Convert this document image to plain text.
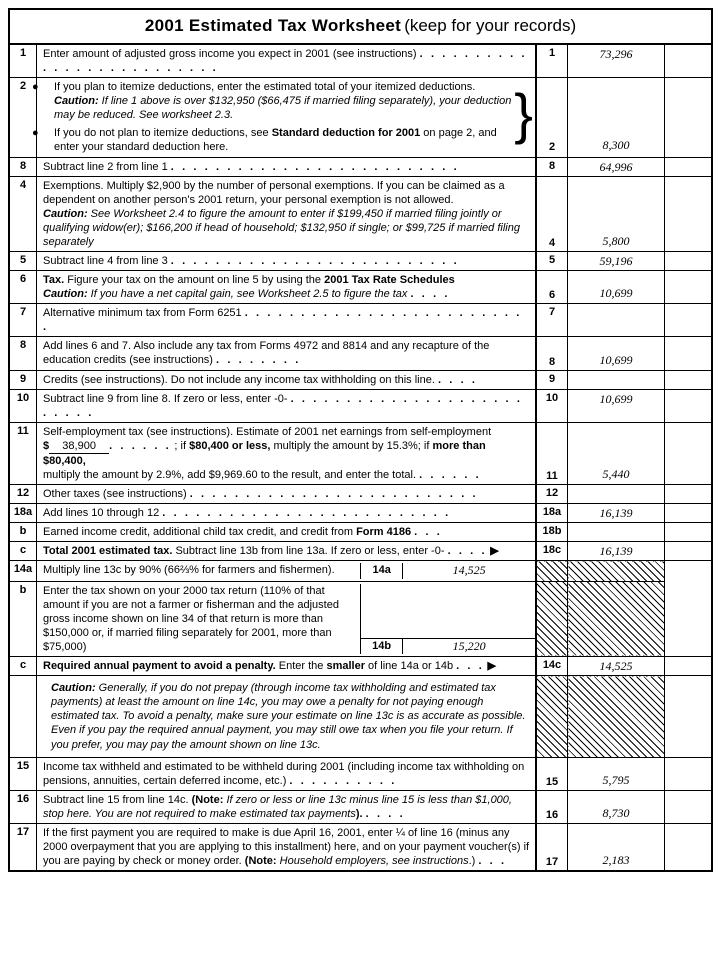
2001 Estimated Tax Worksheet (keep for your records)
1	Enter amount of adjusted gross income you expect in 2001 (see instructions) . . . . . . . . . . . . . . . . . . . . . . . . . .	1	73,296	
2	● If you plan to itemize deductions, enter the estimated total of your itemized deductions.
Caution: If line 1 above is over $132,950 ($66,475 if married filing separately), your deduction may be reduced. See worksheet 2.3.
● If you do not plan to itemize deductions, see Standard deduction for 2001 on page 2, and enter your standard deduction here.
}
	2	8,300	
8	Subtract line 2 from line 1 . . . . . . . . . . . . . . . . . . . . . . . . . .	8	64,996	
4	Exemptions. Multiply $2,900 by the number of personal exemptions. If you can be claimed as a dependent on another person's 2001 return, your personal exemption is not allowed.
Caution: See Worksheet 2.4 to figure the amount to enter if $199,450 if married filing jointly or qualifying widow(er); $166,200 if head of household; $132,950 if single; or $99,725 if married filing separately	4	5,800	
5	Subtract line 4 from line 3 . . . . . . . . . . . . . . . . . . . . . . . . . .	5	59,196	
6	Tax. Figure your tax on the amount on line 5 by using the 2001 Tax Rate Schedules
Caution: If you have a net capital gain, see Worksheet 2.5 to figure the tax . . . .	6	10,699	
7	Alternative minimum tax from Form 6251 . . . . . . . . . . . . . . . . . . . . . . . . . .	7		
8	Add lines 6 and 7. Also include any tax from Forms 4972 and 8814 and any recapture of the education credits (see instructions) . . . . . . . .	8	10,699	
9	Credits (see instructions). Do not include any income tax withholding on this line. . . . .	9		
10	Subtract line 9 from line 8. If zero or less, enter -0- . . . . . . . . . . . . . . . . . . . . . . . . . .	10	10,699	
11	Self-employment tax (see instructions). Estimate of 2001 net earnings from self-employment
$ 38,900 . . . . . . ; if $80,400 or less, multiply the amount by 15.3%; if more than $80,400,
multiply the amount by 2.9%, add $9,969.60 to the result, and enter the total. . . . . . .	11	5,440	
12	Other taxes (see instructions) . . . . . . . . . . . . . . . . . . . . . . . . . .	12		
18a	Add lines 10 through 12 . . . . . . . . . . . . . . . . . . . . . . . . . .	18a	16,139	
b	Earned income credit, additional child tax credit, and credit from Form 4186 . . .	18b		
c	Total 2001 estimated tax. Subtract line 13b from line 13a. If zero or less, enter -0- . . . . ▶	18c	16,139	
14a	Multiply line 13c by 90% (66⅔% for farmers and fishermen).	14a	14,525

b	Enter the tax shown on your 2000 tax return (110% of that amount if you are not a farmer or fisherman and the adjusted gross income shown on line 34 of that return is more than $150,000 or, if married filing separately for 2001, more than $75,000)	14b	15,220

c	Required annual payment to avoid a penalty. Enter the smaller of line 14a or 14b . . . ▶	14c	14,525	

Caution: Generally, if you do not prepay (through income tax withholding and estimated tax payments) at least the amount on line 14c, you may owe a penalty for not paying enough estimated tax. To avoid a penalty, make sure your estimate on line 13c is as accurate as possible. Even if you pay the required annual payment, you may still owe tax when you file your return. If you prefer, you may pay the amount shown on line 13c.

15	Income tax withheld and estimated to be withheld during 2001 (including income tax withholding on pensions, annuities, certain deferred income, etc.) . . . . . . . . . .	15	5,795	
16	Subtract line 15 from line 14c. (Note: If zero or less or line 13c minus line 15 is less than $1,000, stop here. You are not required to make estimated tax payments). . . . .	16	8,730	
17	If the first payment you are required to make is due April 16, 2001, enter ¼ of line 16 (minus any 2000 overpayment that you are applying to this installment) here, and on your payment voucher(s) if you are paying by check or money order. (Note: Household employers, see instructions.) . . .	17	2,183	
